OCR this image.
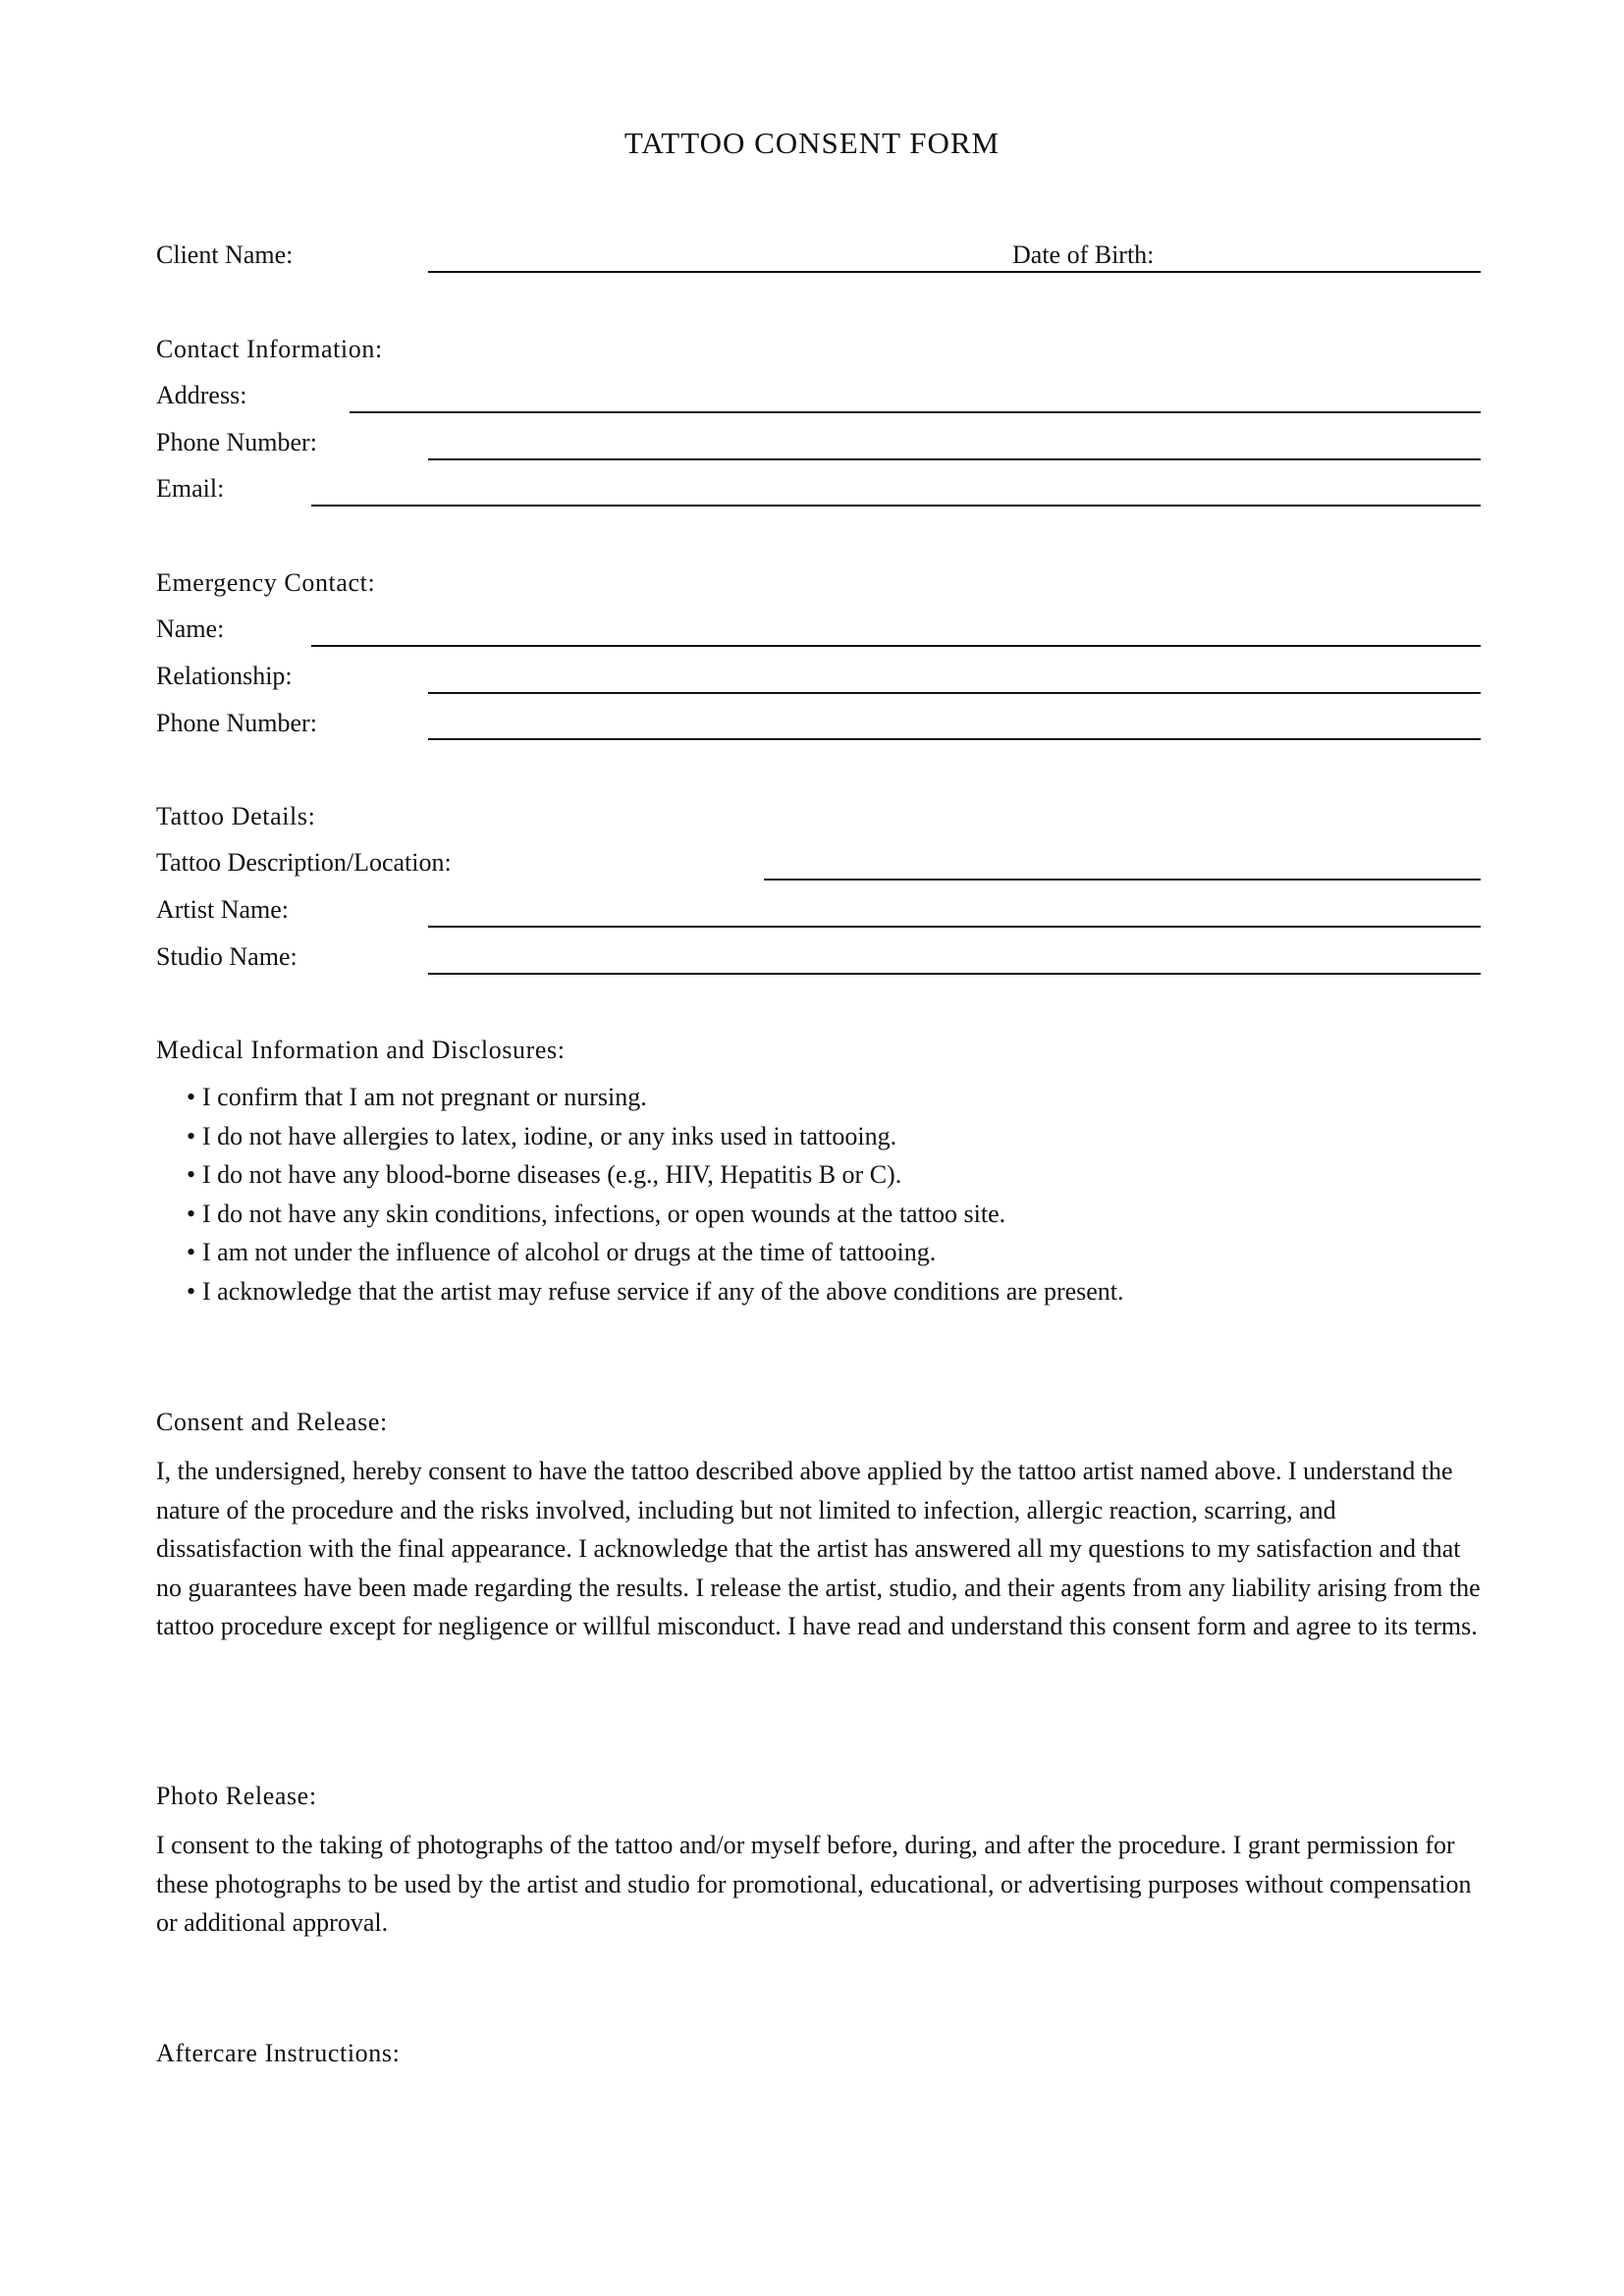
TATTOO CONSENT FORM
Client Name:	Date of Birth:
Contact Information:
Address:
Phone Number:
Email:
Emergency Contact:
Name:
Relationship:
Phone Number:
Tattoo Details:
Tattoo Description/Location:
Artist Name:
Studio Name:
Medical Information and Disclosures:
• I confirm that I am not pregnant or nursing.
• I do not have allergies to latex, iodine, or any inks used in tattooing.
• I do not have any blood-borne diseases (e.g., HIV, Hepatitis B or C).
• I do not have any skin conditions, infections, or open wounds at the tattoo site.
• I am not under the influence of alcohol or drugs at the time of tattooing.
• I acknowledge that the artist may refuse service if any of the above conditions are present.
Consent and Release:

I, the undersigned, hereby consent to have the tattoo described above applied by the tattoo artist named above. I understand the nature of the procedure and the risks involved, including but not limited to infection, allergic reaction, scarring, and dissatisfaction with the final appearance. I acknowledge that the artist has answered all my questions to my satisfaction and that no guarantees have been made regarding the results. I release the artist, studio, and their agents from any liability arising from the tattoo procedure except for negligence or willful misconduct. I have read and understand this consent form and agree to its terms.

Photo Release:

I consent to the taking of photographs of the tattoo and/or myself before, during, and after the procedure. I grant permission for these photographs to be used by the artist and studio for promotional, educational, or advertising purposes without compensation or additional approval.

Aftercare Instructions:
